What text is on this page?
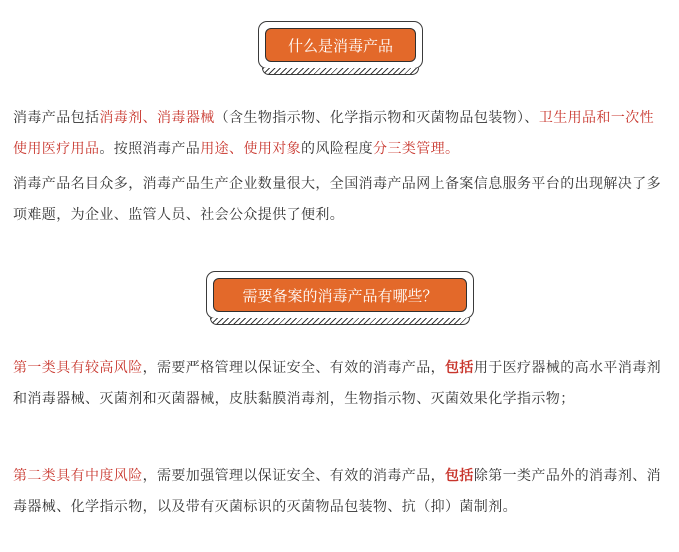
什么是消毒产品

消毒产品包括消毒剂、消毒器械（含生物指示物、化学指示物和灭菌物品包装物）、卫生用品和一次性使用医疗用品。按照消毒产品用途、使用对象的风险程度分三类管理。

消毒产品名目众多，消毒产品生产企业数量很大，全国消毒产品网上备案信息服务平台的出现解决了多项难题，为企业、监管人员、社会公众提供了便利。

需要备案的消毒产品有哪些？

第一类具有较高风险，需要严格管理以保证安全、有效的消毒产品，包括用于医疗器械的高水平消毒剂和消毒器械、灭菌剂和灭菌器械，皮肤黏膜消毒剂，生物指示物、灭菌效果化学指示物；

第二类具有中度风险，需要加强管理以保证安全、有效的消毒产品，包括除第一类产品外的消毒剂、消毒器械、化学指示物，以及带有灭菌标识的灭菌物品包装物、抗（抑）菌制剂。
